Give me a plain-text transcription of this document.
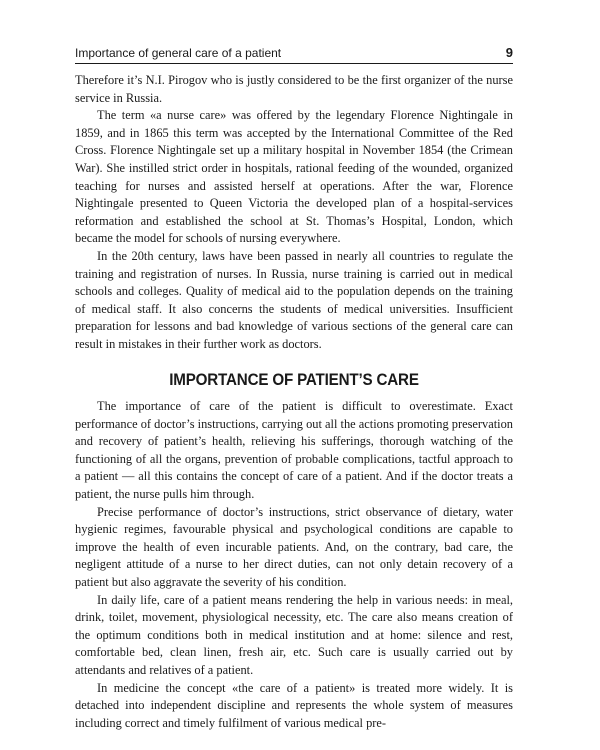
Importance of general care of a patient	9

Therefore it’s N.I. Pirogov who is justly considered to be the first organizer of the nurse service in Russia.

The term «a nurse care» was offered by the legendary Florence Nightingale in 1859, and in 1865 this term was accepted by the International Committee of the Red Cross. Florence Nightingale set up a military hospital in November 1854 (the Crimean War). She instilled strict order in hospitals, rational feeding of the wounded, organized teaching for nurses and assisted herself at operations. After the war, Florence Nightingale presented to Queen Victoria the developed plan of a hospital-services reformation and established the school at St. Thomas’s Hospital, London, which became the model for schools of nursing everywhere.

In the 20th century, laws have been passed in nearly all countries to regulate the training and registration of nurses. In Russia, nurse training is carried out in medical schools and colleges. Quality of medical aid to the population depends on the training of medical staff. It also concerns the students of medical universities. Insufficient preparation for lessons and bad knowledge of various sections of the general care can result in mistakes in their further work as doctors.

IMPORTANCE OF PATIENT’S CARE

The importance of care of the patient is difficult to overestimate. Exact performance of doctor’s instructions, carrying out all the actions promoting preservation and recovery of patient’s health, relieving his sufferings, thorough watching of the functioning of all the organs, prevention of probable complications, tactful approach to a patient — all this contains the concept of care of a patient. And if the doctor treats a patient, the nurse pulls him through.

Precise performance of doctor’s instructions, strict observance of dietary, water hygienic regimes, favourable physical and psychological conditions are capable to improve the health of even incurable patients. And, on the contrary, bad care, the negligent attitude of a nurse to her direct duties, can not only detain recovery of a patient but also aggravate the severity of his condition.

In daily life, care of a patient means rendering the help in various needs: in meal, drink, toilet, movement, physiological necessity, etc. The care also means creation of the optimum conditions both in medical institution and at home: silence and rest, comfortable bed, clean linen, fresh air, etc. Such care is usually carried out by attendants and relatives of a patient.

In medicine the concept «the care of a patient» is treated more widely. It is detached into independent discipline and represents the whole system of measures including correct and timely fulfilment of various medical pre-
